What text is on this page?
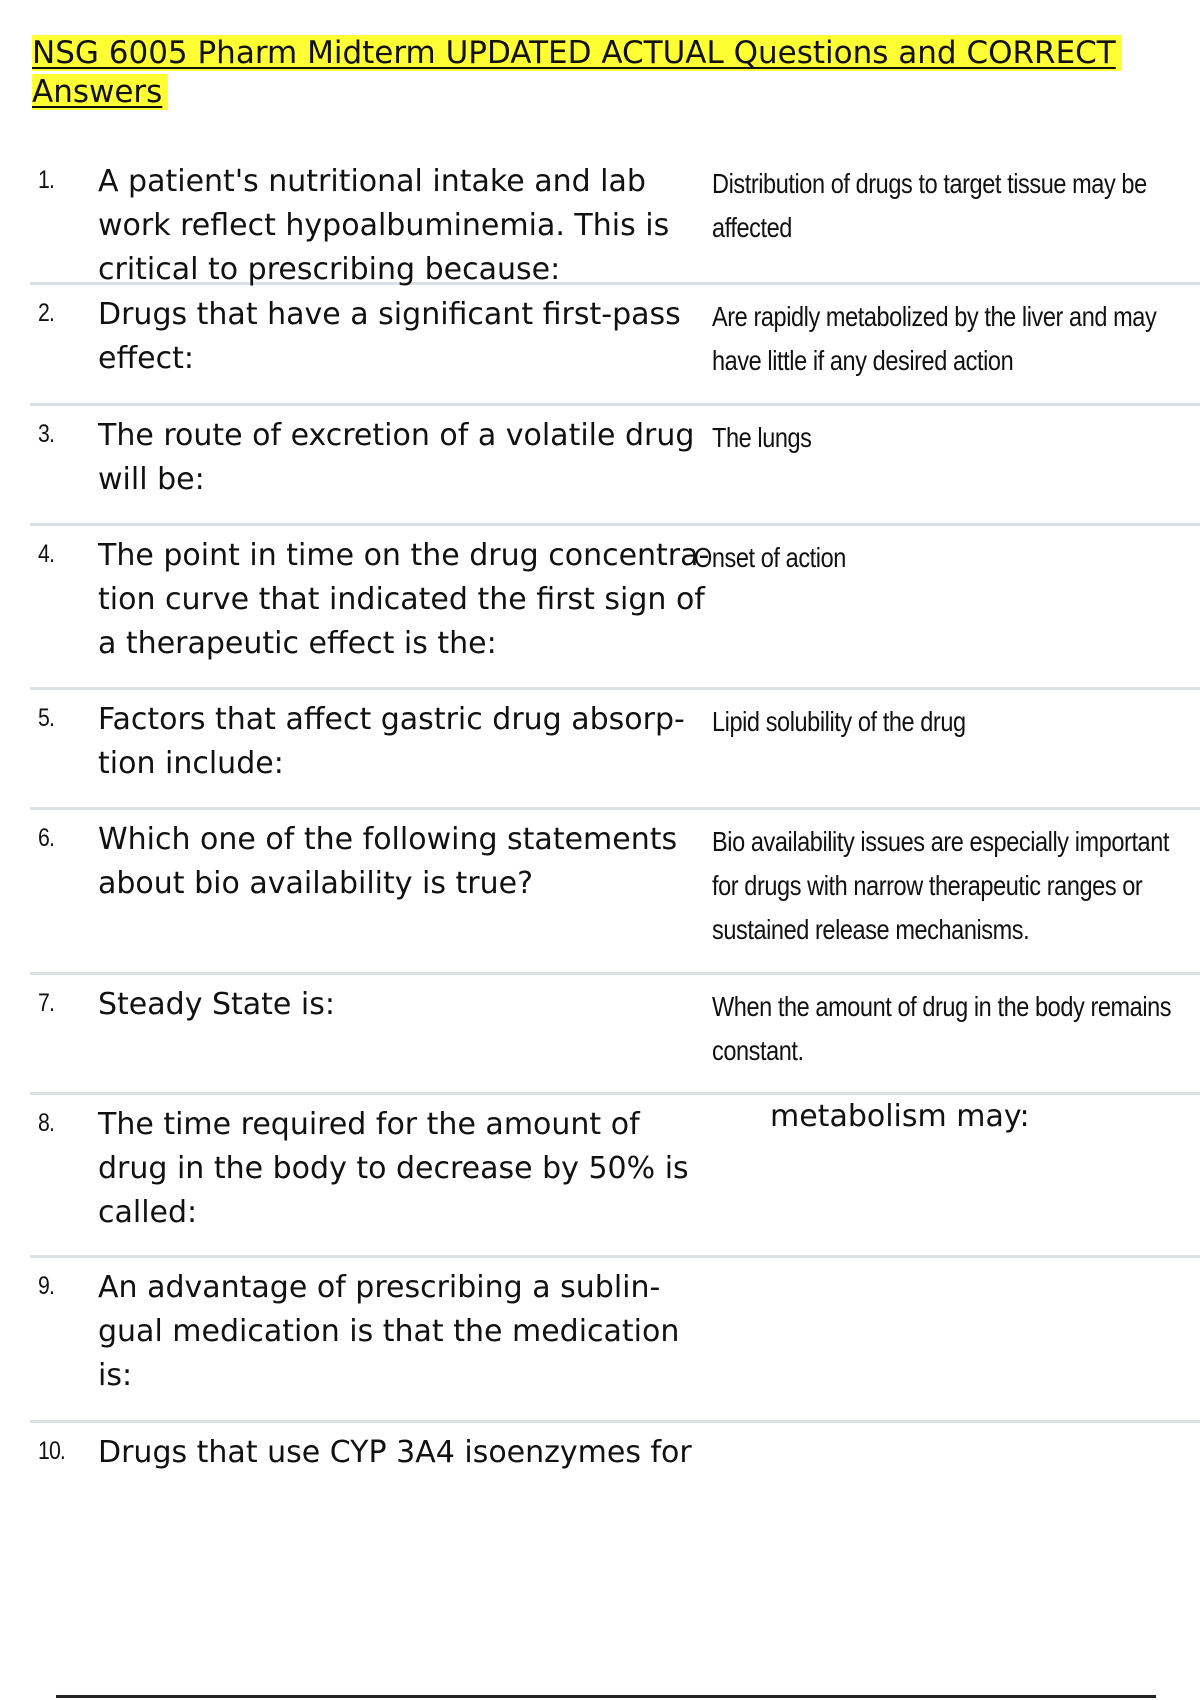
NSG 6005 Pharm Midterm UPDATED ACTUAL Questions and CORRECT Answers
1. A patient's nutritional intake and lab
work reflect hypoalbuminemia. This is
critical to prescribing because:
Distribution of drugs to target tissue may be
affected
2. Drugs that have a significant first-pass
effect:
Are rapidly metabolized by the liver and may
have little if any desired action
3. The route of excretion of a volatile drug
will be:
The lungs
4. The point in time on the drug concentra-
tion curve that indicated the first sign of
a therapeutic effect is the:
Onset of action
5. Factors that affect gastric drug absorp-
tion include:
Lipid solubility of the drug
6. Which one of the following statements
about bio availability is true?
Bio availability issues are especially important
for drugs with narrow therapeutic ranges or
sustained release mechanisms.
7. Steady State is:	When the amount of drug in the body remains
constant.
8. The time required for the amount of
drug in the body to decrease by 50% is
called:
metabolism may:
9. An advantage of prescribing a sublin-
gual medication is that the medication
is:
10. Drugs that use CYP 3A4 isoenzymes for
